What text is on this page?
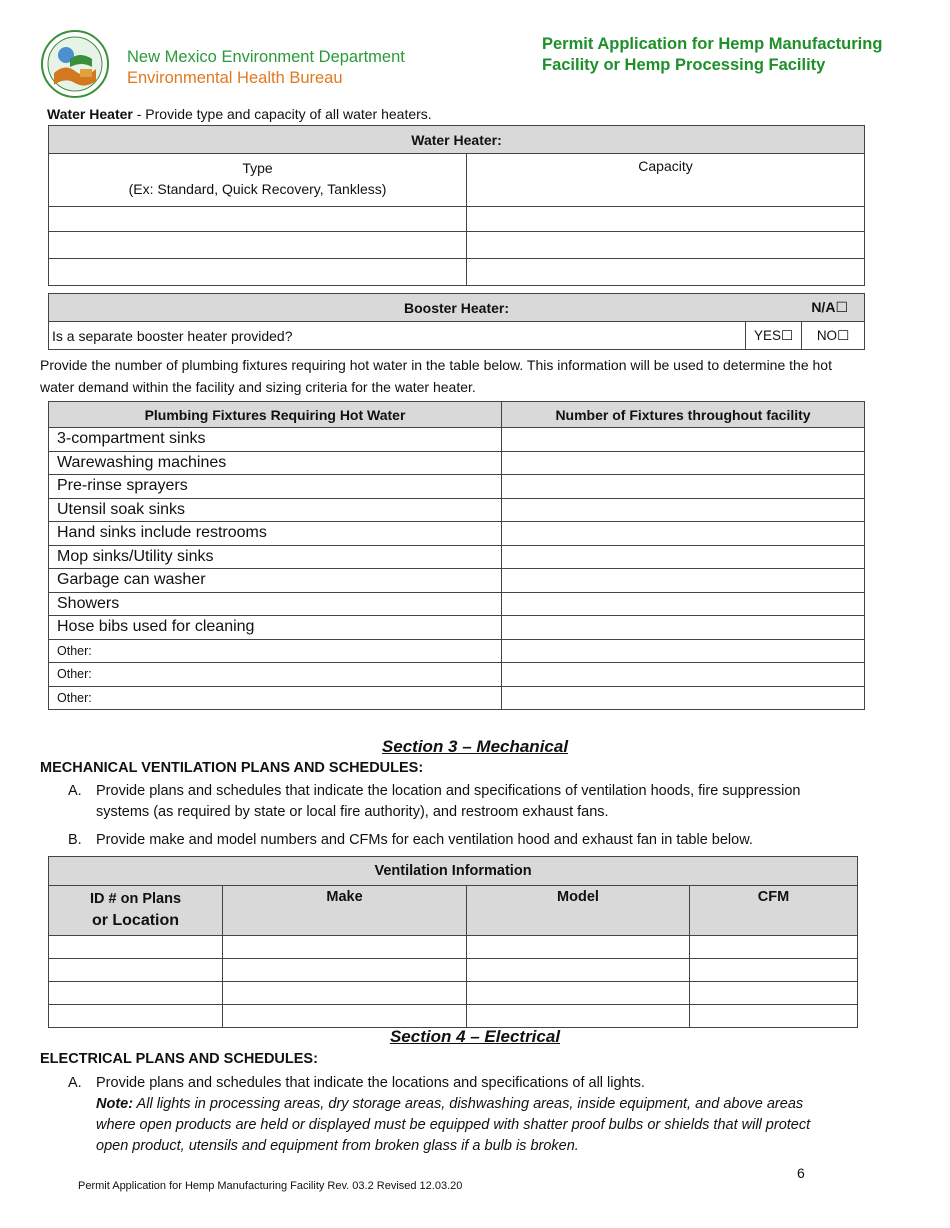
New Mexico Environment Department
Environmental Health Bureau
Permit Application for Hemp Manufacturing
Facility or Hemp Processing Facility
Water Heater - Provide type and capacity of all water heaters.
Water Heater:	

Type
(Ex: Standard, Quick Recovery, Tankless)	Capacity

Booster Heater:	N/A☐

Is a separate booster heater provided?	YES☐	NO☐
Provide the number of plumbing fixtures requiring hot water in the table below. This information will be used to determine the hot water demand within the facility and sizing criteria for the water heater.
Plumbing Fixtures Requiring Hot Water	Number of Fixtures throughout facility
3-compartment sinks	
Warewashing machines	
Pre-rinse sprayers	
Utensil soak sinks	
Hand sinks include restrooms	
Mop sinks/Utility sinks	
Garbage can washer	
Showers	
Hose bibs used for cleaning	
Other:	
Other:	
Other:	
Section 3 – Mechanical
MECHANICAL VENTILATION PLANS AND SCHEDULES:
A. Provide plans and schedules that indicate the location and specifications of ventilation hoods, fire suppression systems (as required by state or local fire authority), and restroom exhaust fans.
B. Provide make and model numbers and CFMs for each ventilation hood and exhaust fan in table below.
Ventilation Information			

ID # on Plans
or Location	Make	Model	CFM

Section 4 – Electrical
ELECTRICAL PLANS AND SCHEDULES:
A. Provide plans and schedules that indicate the locations and specifications of all lights.
Note: All lights in processing areas, dry storage areas, dishwashing areas, inside equipment, and above areas where open products are held or displayed must be equipped with shatter proof bulbs or shields that will protect open product, utensils and equipment from broken glass if a bulb is broken.
6
Permit Application for Hemp Manufacturing Facility Rev. 03.2 Revised 12.03.20
